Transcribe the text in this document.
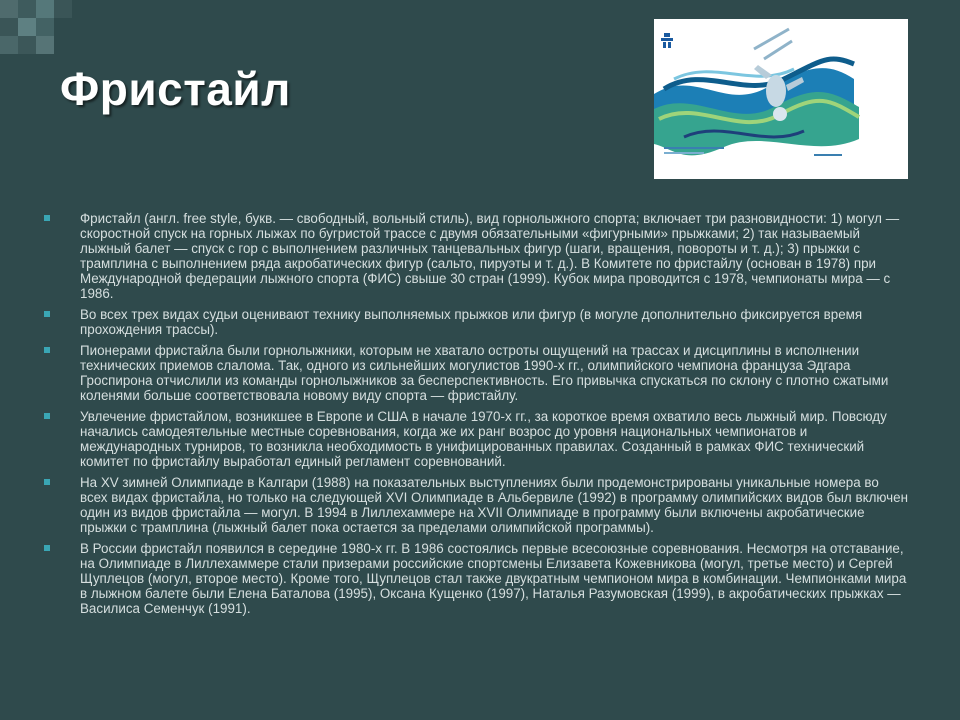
Фристайл
Фристайл (англ. free style, букв. — свободный, вольный стиль), вид горнолыжного спорта; включает три разновидности: 1) могул — скоростной спуск на горных лыжах по бугристой трассе с двумя обязательными «фигурными» прыжками; 2) так называемый лыжный балет — спуск с гор с выполнением различных танцевальных фигур (шаги, вращения, повороты и т. д.); 3) прыжки с трамплина с выполнением ряда акробатических фигур (сальто, пируэты и т. д.). В Комитете по фристайлу (основан в 1978) при Международной федерации лыжного спорта (ФИС) свыше 30 стран (1999). Кубок мира проводится с 1978, чемпионаты мира — с 1986.
Во всех трех видах судьи оценивают технику выполняемых прыжков или фигур (в могуле дополнительно фиксируется время прохождения трассы).
Пионерами фристайла были горнолыжники, которым не хватало остроты ощущений на трассах и дисциплины в исполнении технических приемов слалома. Так, одного из сильнейших могулистов 1990-х гг., олимпийского чемпиона француза Эдгара Гроспирона отчислили из команды горнолыжников за бесперспективность. Его привычка спускаться по склону с плотно сжатыми коленями больше соответствовала новому виду спорта — фристайлу.
Увлечение фристайлом, возникшее в Европе и США в начале 1970-х гг., за короткое время охватило весь лыжный мир. Повсюду начались самодеятельные местные соревнования, когда же их ранг возрос до уровня национальных чемпионатов и международных турниров, то возникла необходимость в унифицированных правилах. Созданный в рамках ФИС технический комитет по фристайлу выработал единый регламент соревнований.
На XV зимней Олимпиаде в Калгари (1988) на показательных выступлениях были продемонстрированы уникальные номера во всех видах фристайла, но только на следующей XVI Олимпиаде в Альбервиле (1992) в программу олимпийских видов был включен один из видов фристайла — могул. В 1994 в Лиллехаммере на XVII Олимпиаде в программу были включены акробатические прыжки с трамплина (лыжный балет пока остается за пределами олимпийской программы).
В России фристайл появился в середине 1980-х гг. В 1986 состоялись первые всесоюзные соревнования. Несмотря на отставание, на Олимпиаде в Лиллехаммере стали призерами российские спортсмены Елизавета Кожевникова (могул, третье место) и Сергей Щуплецов (могул, второе место). Кроме того, Щуплецов стал также двукратным чемпионом мира в комбинации. Чемпионками мира в лыжном балете были Елена Баталова (1995), Оксана Кущенко (1997), Наталья Разумовская (1999), в акробатических прыжках — Василиса Семенчук (1991).
